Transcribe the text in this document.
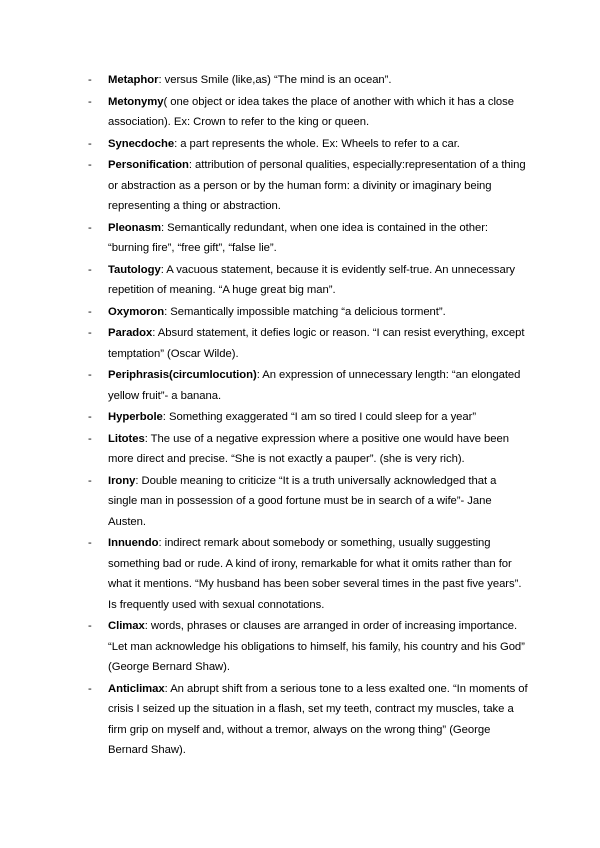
- Metaphor: versus Smile (like,as) “The mind is an ocean”.
- Metonymy( one object or idea takes the place of another with which it has a close association). Ex: Crown to refer to the king or queen.
- Synecdoche: a part represents the whole. Ex: Wheels to refer to a car.
- Personification: attribution of personal qualities, especially:representation of a thing or abstraction as a person or by the human form: a divinity or imaginary being representing a thing or abstraction.
- Pleonasm: Semantically redundant, when one idea is contained in the other: “burning fire”, “free gift”, “false lie”.
- Tautology: A vacuous statement, because it is evidently self-true. An unnecessary repetition of meaning. “A huge great big man”.
- Oxymoron: Semantically impossible matching “a delicious torment”.
- Paradox: Absurd statement, it defies logic or reason. “I can resist everything, except temptation” (Oscar Wilde).
- Periphrasis(circumlocution): An expression of unnecessary length: “an elongated yellow fruit”- a banana.
- Hyperbole: Something exaggerated “I am so tired I could sleep for a year”
- Litotes: The use of a negative expression where a positive one would have been more direct and precise. “She is not exactly a pauper”. (she is very rich).
- Irony: Double meaning to criticize “It is a truth universally acknowledged that a single man in possession of a good fortune must be in search of a wife”- Jane Austen.
- Innuendo: indirect remark about somebody or something, usually suggesting something bad or rude. A kind of irony, remarkable for what it omits rather than for what it mentions. “My husband has been sober several times in the past five years”. Is frequently used with sexual connotations.
- Climax: words, phrases or clauses are arranged in order of increasing importance. “Let man acknowledge his obligations to himself, his family, his country and his God” (George Bernard Shaw).
- Anticlimax: An abrupt shift from a serious tone to a less exalted one. “In moments of crisis I seized up the situation in a flash, set my teeth, contract my muscles, take a firm grip on myself and, without a tremor, always on the wrong thing” (George Bernard Shaw).
